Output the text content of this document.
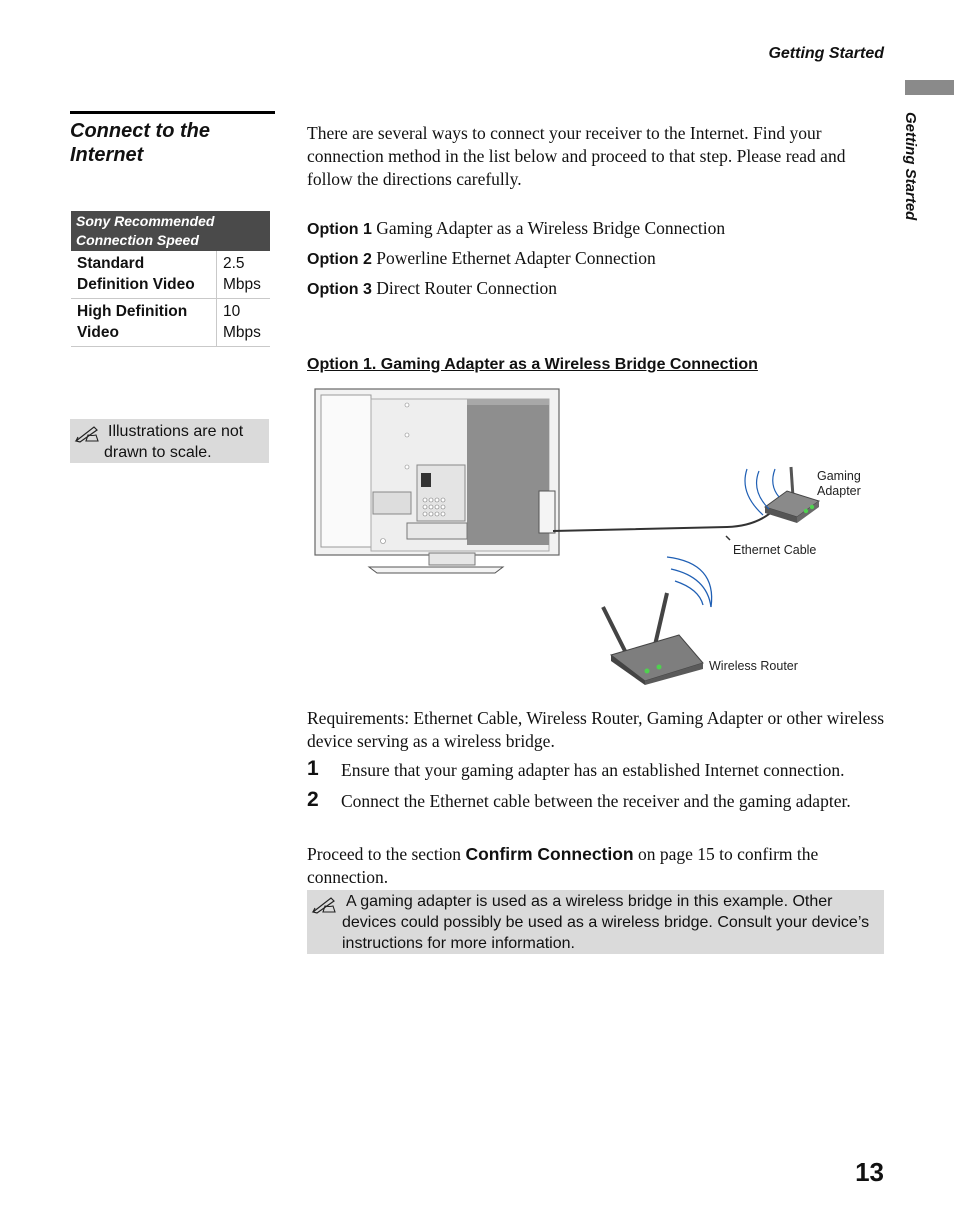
Getting Started
Getting Started
13
Connect to the Internet
Sony Recommended Connection Speed	
Standard Definition Video	2.5 Mbps
High Definition Video	10 Mbps
Illustrations are not drawn to scale.
There are several ways to connect your receiver to the Internet. Find your connection method in the list below and proceed to that step. Please read and follow the directions carefully.
Option 1 Gaming Adapter as a Wireless Bridge Connection
Option 2 Powerline Ethernet Adapter Connection
Option 3 Direct Router Connection
Option 1. Gaming Adapter as a Wireless Bridge Connection
Gaming Adapter
Ethernet Cable
Wireless Router
Requirements: Ethernet Cable, Wireless Router, Gaming Adapter or other wireless device serving as a wireless bridge.
1 Ensure that your gaming adapter has an established Internet connection.
2 Connect the Ethernet cable between the receiver and the gaming adapter.
Proceed to the section Confirm Connection on page 15 to confirm the connection.
A gaming adapter is used as a wireless bridge in this example. Other devices could possibly be used as a wireless bridge. Consult your device’s instructions for more information.
